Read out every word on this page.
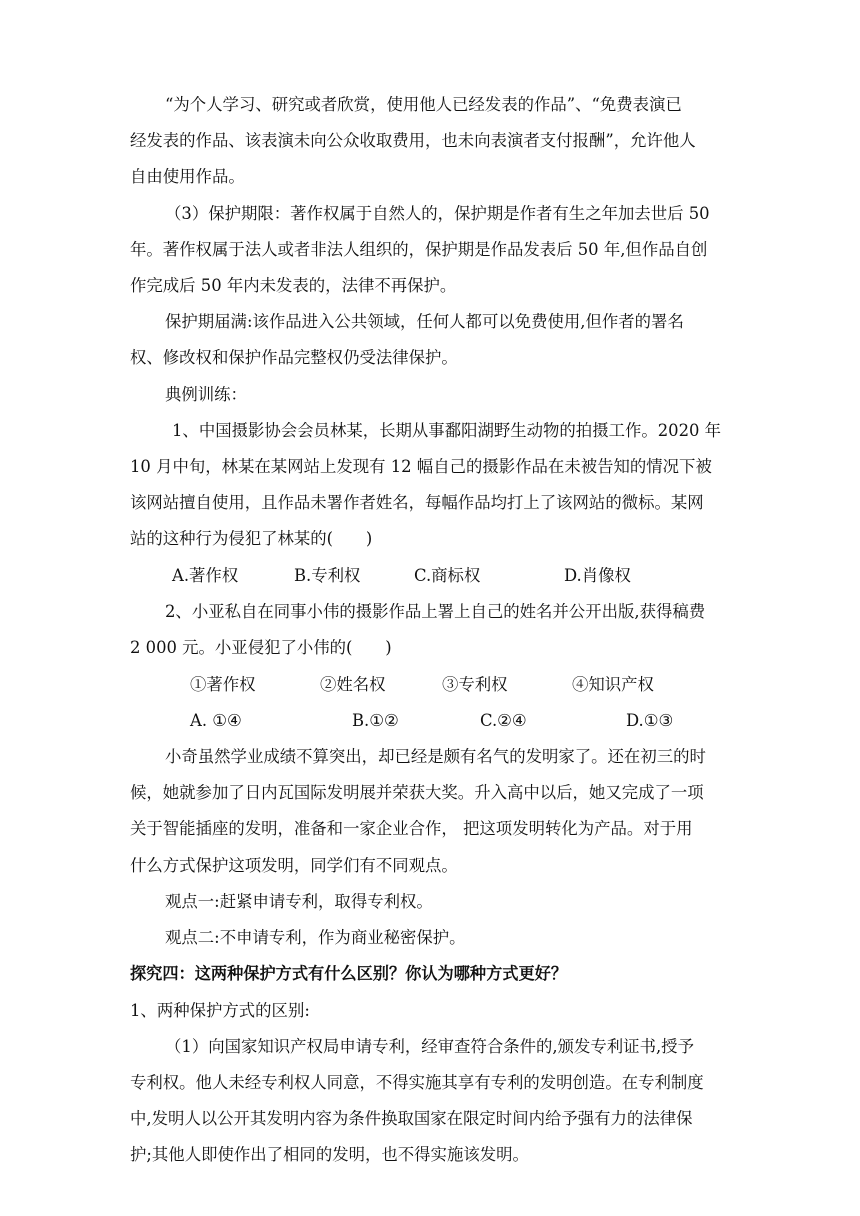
“为个人学习、研究或者欣赏，使用他人已经发表的作品”、“免费表演已
经发表的作品、该表演未向公众收取费用，也未向表演者支付报酬”，允许他人
自由使用作品。
（3）保护期限：著作权属于自然人的，保护期是作者有生之年加去世后 50
年。著作权属于法人或者非法人组织的，保护期是作品发表后 50 年,但作品自创
作完成后 50 年内未发表的，法律不再保护。
保护期届满:该作品进入公共领域，任何人都可以免费使用,但作者的署名
权、修改权和保护作品完整权仍受法律保护。
典例训练：
1、中国摄影协会会员林某，长期从事鄱阳湖野生动物的拍摄工作。2020 年
10 月中旬，林某在某网站上发现有 12 幅自己的摄影作品在未被告知的情况下被
该网站擅自使用，且作品未署作者姓名，每幅作品均打上了该网站的微标。某网
站的这种行为侵犯了林某的(　　)
A.著作权	B.专利权	C.商标权	D.肖像权
2、小亚私自在同事小伟的摄影作品上署上自己的姓名并公开出版,获得稿费
2 000 元。小亚侵犯了小伟的(　　)
①著作权	②姓名权	③专利权	④知识产权
A. ①④	B.①②	C.②④	D.①③
小奇虽然学业成绩不算突出，却已经是颇有名气的发明家了。还在初三的时
候，她就参加了日内瓦国际发明展并荣获大奖。升入高中以后，她又完成了一项
关于智能插座的发明，准备和一家企业合作， 把这项发明转化为产品。对于用
什么方式保护这项发明，同学们有不同观点。
观点一:赶紧申请专利，取得专利权。
观点二:不申请专利，作为商业秘密保护。
探究四：这两种保护方式有什么区别？你认为哪种方式更好？
1、两种保护方式的区别:
（1）向国家知识产权局申请专利，经审查符合条件的,颁发专利证书,授予
专利权。他人未经专利权人同意，不得实施其享有专利的发明创造。在专利制度
中,发明人以公开其发明内容为条件换取国家在限定时间内给予强有力的法律保
护;其他人即使作出了相同的发明，也不得实施该发明。
